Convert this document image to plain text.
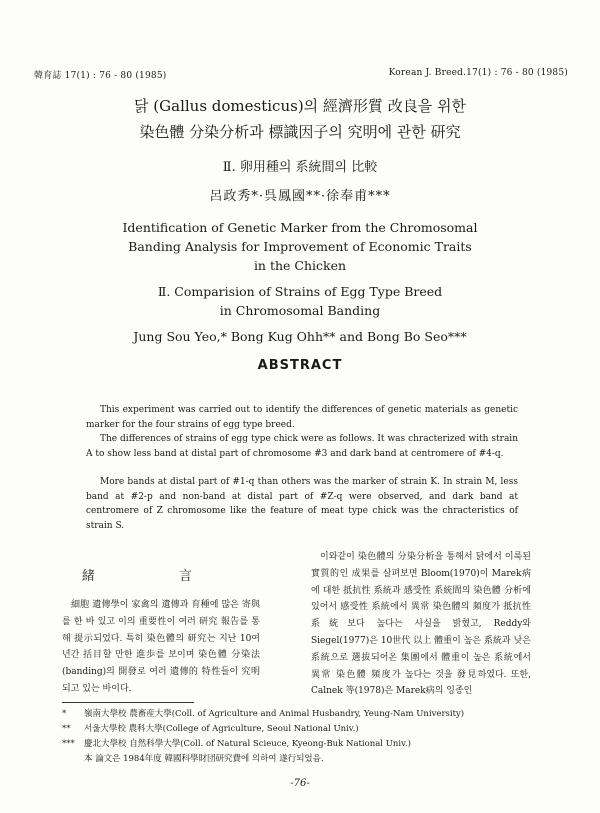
韓育誌 17(1) : 76 - 80 (1985)	Korean J. Breed.17(1) : 76 - 80 (1985)
닭 (Gallus domesticus)의 經濟形質 改良을 위한
染色體 分染分析과 標識因子의 究明에 관한 研究
Ⅱ. 卵用種의 系統間의 比較
呂政秀*·呉鳳國**·徐奉甫***
Identification of Genetic Marker from the Chromosomal
Banding Analysis for Improvement of Economic Traits
in the Chicken
Ⅱ. Comparision of Strains of Egg Type Breed
in Chromosomal Banding
Jung Sou Yeo,* Bong Kug Ohh** and Bong Bo Seo***
ABSTRACT

This experiment was carried out to identify the differences of genetic materials as genetic marker for the four strains of egg type breed.

The differences of strains of egg type chick were as follows. It was chracterized with strain A to show less band at distal part of chromosome #3 and dark band at centromere of #4-q.

More bands at distal part of #1-q than others was the marker of strain K. In strain M, less band at #2-p and non-band at distal part of #Z-q were observed, and dark band at centromere of Z chromosome like the feature of meat type chick was the chracteristics of strain S.

緒 言

細胞 遺傳學이 家禽의 遺傳과 育種에 많은 寄與를 한 바 있고 이의 重要性이 여러 研究 報告를 통해 提示되었다. 특히 染色體의 研究는 지난 10여년간 括目할 만한 進歩를 보이며 染色體 分染法(banding)의 開發로 여러 遺傳的 特性들이 究明되고 있는 바이다.

이와같이 染色體의 分染分析을 통해서 닭에서 이룩된 實質的인 成果를 살펴보면 Bloom(1970)이 Marek病에 대한 抵抗性 系統과 感受性 系統間의 染色體 分析에 있어서 感受性 系統에서 異常 染色體의 頻度가 抵抗性 系統보다 높다는 사실을 밝혔고, Reddy와 Siegel(1977)은 10世代 以上 體重이 높은 系統과 낮은 系統으로 選拔되어온 集團에서 體重이 높은 系統에서 異常 染色體 頻度가 높다는 것을 發見하였다. 또한, Calnek 等(1978)은 Marek病의 잉종인

* 嶺南大學校 農畜産大學(Coll. of Agriculture and Animal Husbandry, Yeung-Nam University)
** 서울大學校 農科大學(College of Agriculture, Seoul National Univ.)
*** 慶北大學校 自然科學大學(Coll. of Natural Scieuce, Kyeong-Buk National Univ.)
本 論文은 1984年度 韓國科學財団研究費에 의하여 遂行되었음.
-76-
